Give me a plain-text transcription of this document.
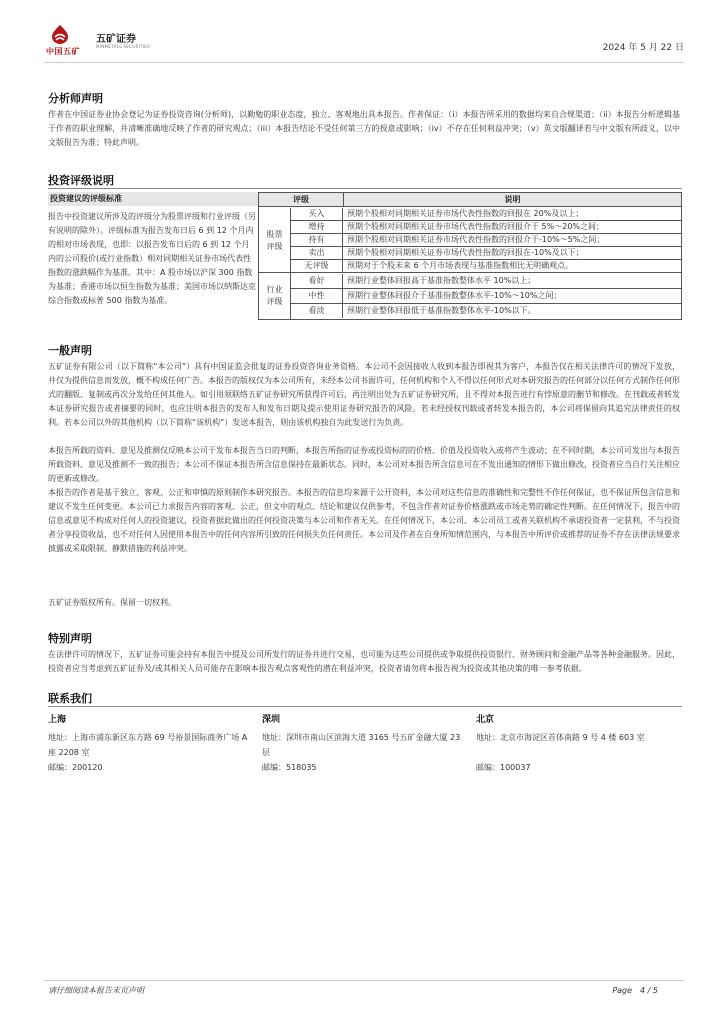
中国五矿
五矿证券
MINMETALS SECURITIES	2024 年 5 月 22 日
分析师声明
作者在中国证券业协会登记为证券投资咨询(分析师)，以勤勉的职业态度，独立、客观地出具本报告。作者保证：（i）本报告所采用的数据均来自合规渠道；（ii）本报告分析逻辑基于作者的职业理解，并清晰准确地反映了作者的研究观点；（iii）本报告结论不受任何第三方的授意或影响；（iv）不存在任何利益冲突；（v）英文版翻译若与中文版有所歧义，以中文版报告为准；特此声明。
投资评级说明
投资建议的评级标准
报告中投资建议所涉及的评级分为股票评级和行业评级（另有说明的除外）。评级标准为报告发布日后 6 到 12 个月内的相对市场表现，也即：以报告发布日后的 6 到 12 个月内的公司股价(或行业指数）相对同期相关证券市场代表性指数的涨跌幅作为基准。其中：A 股市场以沪深 300 指数为基准；香港市场以恒生指数为基准；美国市场以纳斯达克综合指数或标普 500 指数为基准。
评级	说明
股票评级
买入	预期个股相对同期相关证券市场代表性指数的回报在 20%及以上；
增持	预期个股相对同期相关证券市场代表性指数的回报介于 5%～20%之间；
持有	预期个股相对同期相关证券市场代表性指数的回报介于-10%～5%之间；
卖出	预期个股相对同期相关证券市场代表性指数的回报在-10%及以下；
无评级	预期对于个股未来 6 个月市场表现与基准指数相比无明确观点。
行业评级
看好	预期行业整体回报高于基准指数整体水平 10%以上；
中性	预期行业整体回报介于基准指数整体水平-10%～10%之间；
看淡	预期行业整体回报低于基准指数整体水平-10%以下。
一般声明
五矿证券有限公司（以下简称“本公司”）具有中国证监会批复的证券投资咨询业务资格。本公司不会因接收人收到本报告即视其为客户，本报告仅在相关法律许可的情况下发放，并仅为提供信息而发放，概不构成任何广告。本报告的版权仅为本公司所有，未经本公司书面许可，任何机构和个人不得以任何形式对本研究报告的任何部分以任何方式制作任何形式的翻版、复制或再次分发给任何其他人。如引用须联络五矿证券研究所获得许可后，再注明出处为五矿证券研究所，且不得对本报告进行有悖原意的删节和修改。在刊载或者转发本证券研究报告或者摘要的同时，也应注明本报告的发布人和发布日期及提示使用证券研究报告的风险。若未经授权刊载或者转发本报告的，本公司将保留向其追究法律责任的权利。若本公司以外的其他机构（以下简称“该机构”）发送本报告，则由该机构独自为此发送行为负责。
本报告所载的资料、意见及推测仅反映本公司于发布本报告当日的判断，本报告所指的证券或投资标的的价格、价值及投资收入或将产生波动；在不同时期，本公司可发出与本报告所载资料、意见及推测不一致的报告；本公司不保证本报告所含信息保持在最新状态。同时，本公司对本报告所含信息可在不发出通知的情形下做出修改，投资者应当自行关注相应的更新或修改。
本报告的作者是基于独立、客观、公正和审慎的原则制作本研究报告。本报告的信息均来源于公开资料，本公司对这些信息的准确性和完整性不作任何保证，也不保证所包含信息和建议不发生任何变更。本公司已力求报告内容的客观、公正，但文中的观点、结论和建议仅供参考，不包含作者对证券价格涨跌或市场走势的确定性判断。在任何情况下，报告中的信息或意见不构成对任何人的投资建议，投资者据此做出的任何投资决策与本公司和作者无关。在任何情况下，本公司、本公司员工或者关联机构不承诺投资者一定获利，不与投资者分享投资收益，也不对任何人因使用本报告中的任何内容所引致的任何损失负任何责任。本公司及作者在自身所知情范围内，与本报告中所评价或推荐的证券不存在法律法规要求披露或采取限制、静默措施的利益冲突。
五矿证券版权所有。保留一切权利。
特别声明
在法律许可的情况下，五矿证券可能会持有本报告中提及公司所发行的证券并进行交易，也可能为这些公司提供或争取提供投资银行、财务顾问和金融产品等各种金融服务。因此，投资者应当考虑到五矿证券及/或其相关人员可能存在影响本报告观点客观性的潜在利益冲突，投资者请勿将本报告视为投资或其他决策的唯一参考依据。
联系我们
上海
地址：上海市浦东新区东方路 69 号裕景国际商务广场 A 座 2208 室
邮编：200120
深圳
地址：深圳市南山区滨海大道 3165 号五矿金融大厦 23 层
邮编：518035
北京
地址：北京市海淀区首体南路 9 号 4 楼 603 室
邮编：100037
请仔细阅读本报告末页声明	Page　4 / 5
